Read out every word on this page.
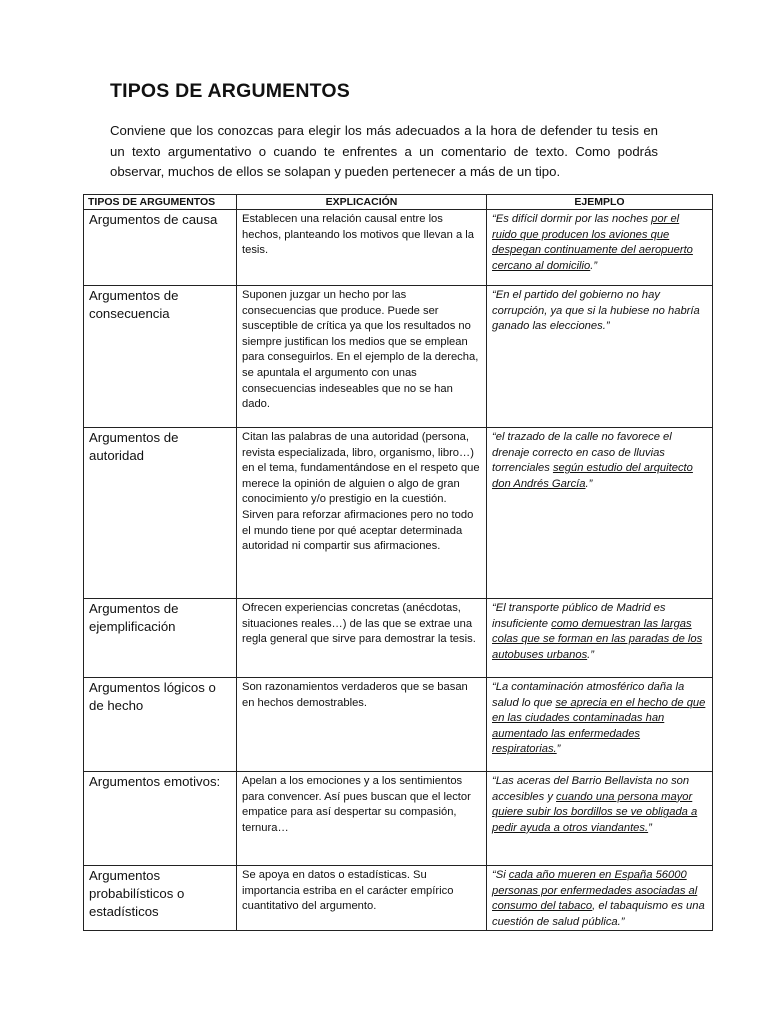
TIPOS DE ARGUMENTOS
Conviene que los conozcas para elegir los más adecuados a la hora de defender tu tesis en un texto argumentativo o cuando te enfrentes a un comentario de texto. Como podrás observar, muchos de ellos se solapan y pueden pertenecer a más de un tipo.
TIPOS DE ARGUMENTOS	EXPLICACIÓN	EJEMPLO
Argumentos de causa	Establecen una relación causal entre los hechos, planteando los motivos que llevan a la tesis.	“Es difícil dormir por las noches por el ruido que producen los aviones que despegan continuamente del aeropuerto cercano al domicilio.”
Argumentos de consecuencia	Suponen juzgar un hecho por las consecuencias que produce. Puede ser susceptible de crítica ya que los resultados no siempre justifican los medios que se emplean para conseguirlos. En el ejemplo de la derecha, se apuntala el argumento con unas consecuencias indeseables que no se han dado.	“En el partido del gobierno no hay corrupción, ya que si la hubiese no habría ganado las elecciones.”
Argumentos de autoridad	Citan las palabras de una autoridad (persona, revista especializada, libro, organismo, libro…) en el tema, fundamentándose en el respeto que merece la opinión de alguien o algo de gran conocimiento y/o prestigio en la cuestión. Sirven para reforzar afirmaciones pero no todo el mundo tiene por qué aceptar determinada autoridad ni compartir sus afirmaciones.	“el trazado de la calle no favorece el drenaje correcto en caso de lluvias torrenciales según estudio del arquitecto don Andrés García.”
Argumentos de ejemplificación	Ofrecen experiencias concretas (anécdotas, situaciones reales…) de las que se extrae una regla general que sirve para demostrar la tesis.	“El transporte público de Madrid es insuficiente como demuestran las largas colas que se forman en las paradas de los autobuses urbanos.”
Argumentos lógicos o de hecho	Son razonamientos verdaderos que se basan en hechos demostrables.	“La contaminación atmosférico daña la salud lo que se aprecia en el hecho de que en las ciudades contaminadas han aumentado las enfermedades respiratorias.”
Argumentos emotivos:	Apelan a los emociones y a los sentimientos para convencer. Así pues buscan que el lector empatice para así despertar su compasión, ternura…	“Las aceras del Barrio Bellavista no son accesibles y cuando una persona mayor quiere subir los bordillos se ve obligada a pedir ayuda a otros viandantes.”
Argumentos probabilísticos o estadísticos	Se apoya en datos o estadísticas. Su importancia estriba en el carácter empírico cuantitativo del argumento.	“Si cada año mueren en España 56000 personas por enfermedades asociadas al consumo del tabaco, el tabaquismo es una cuestión de salud pública.”
